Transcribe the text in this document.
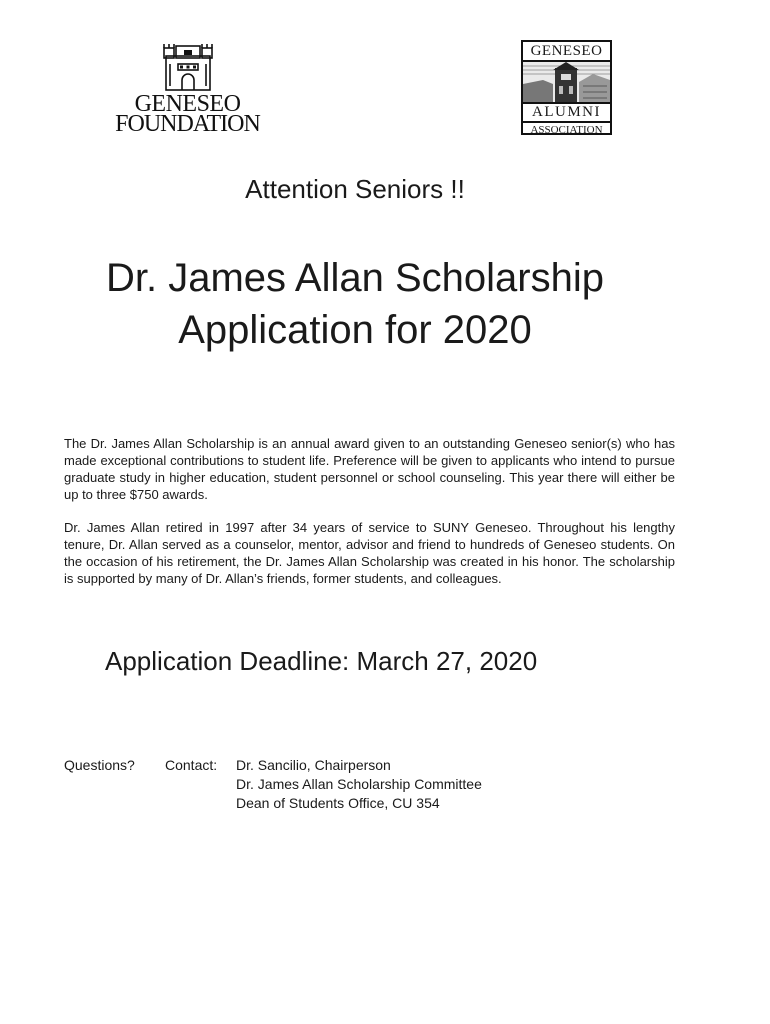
GENESEO
FOUNDATION
GENESEO
ALUMNI
ASSOCIATION
Attention Seniors !!
Dr. James Allan Scholarship
Application for 2020

The Dr. James Allan Scholarship is an annual award given to an outstanding Geneseo senior(s) who has made exceptional contributions to student life. Preference will be given to applicants who intend to pursue graduate study in higher education, student personnel or school counseling. This year there will either be up to three $750 awards.

Dr. James Allan retired in 1997 after 34 years of service to SUNY Geneseo. Throughout his lengthy tenure, Dr. Allan served as a counselor, mentor, advisor and friend to hundreds of Geneseo students. On the occasion of his retirement, the Dr. James Allan Scholarship was created in his honor. The scholarship is supported by many of Dr. Allan’s friends, former students, and colleagues.

Application Deadline: March 27, 2020
Questions? Contact: Dr. Sancilio, Chairperson
Dr. James Allan Scholarship Committee
Dean of Students Office, CU 354
